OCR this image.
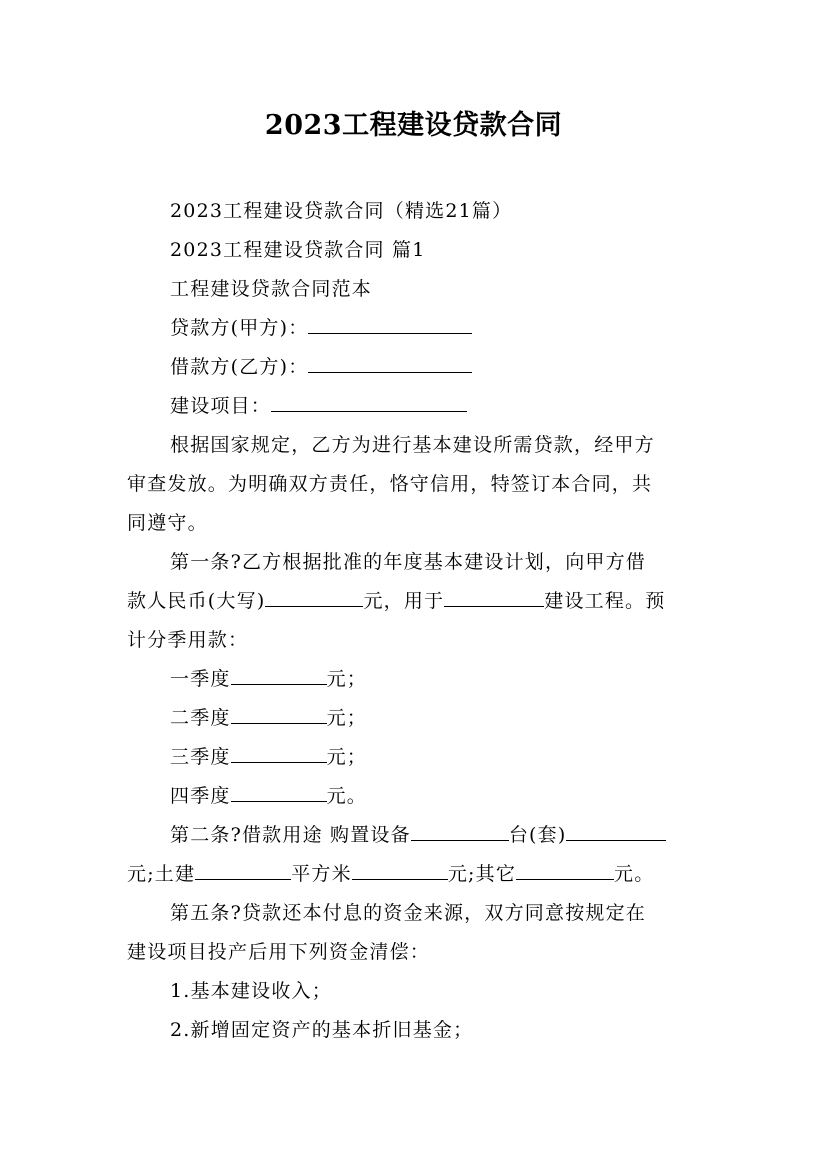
2023工程建设贷款合同
2023工程建设贷款合同（精选21篇）
2023工程建设贷款合同 篇1
工程建设贷款合同范本
贷款方(甲方)：
借款方(乙方)：
建设项目：
根据国家规定，乙方为进行基本建设所需贷款，经甲方
审查发放。为明确双方责任，恪守信用，特签订本合同，共
同遵守。
第一条?乙方根据批准的年度基本建设计划，向甲方借
款人民币(大写)	元，用于	建设工程。预
计分季用款：
一季度	元；
二季度	元；
三季度	元；
四季度	元。
第二条?借款用途 购置设备	台(套)
元;土建	平方米	元;其它	元。
第五条?贷款还本付息的资金来源，双方同意按规定在
建设项目投产后用下列资金清偿：
1.基本建设收入；
2.新增固定资产的基本折旧基金；
